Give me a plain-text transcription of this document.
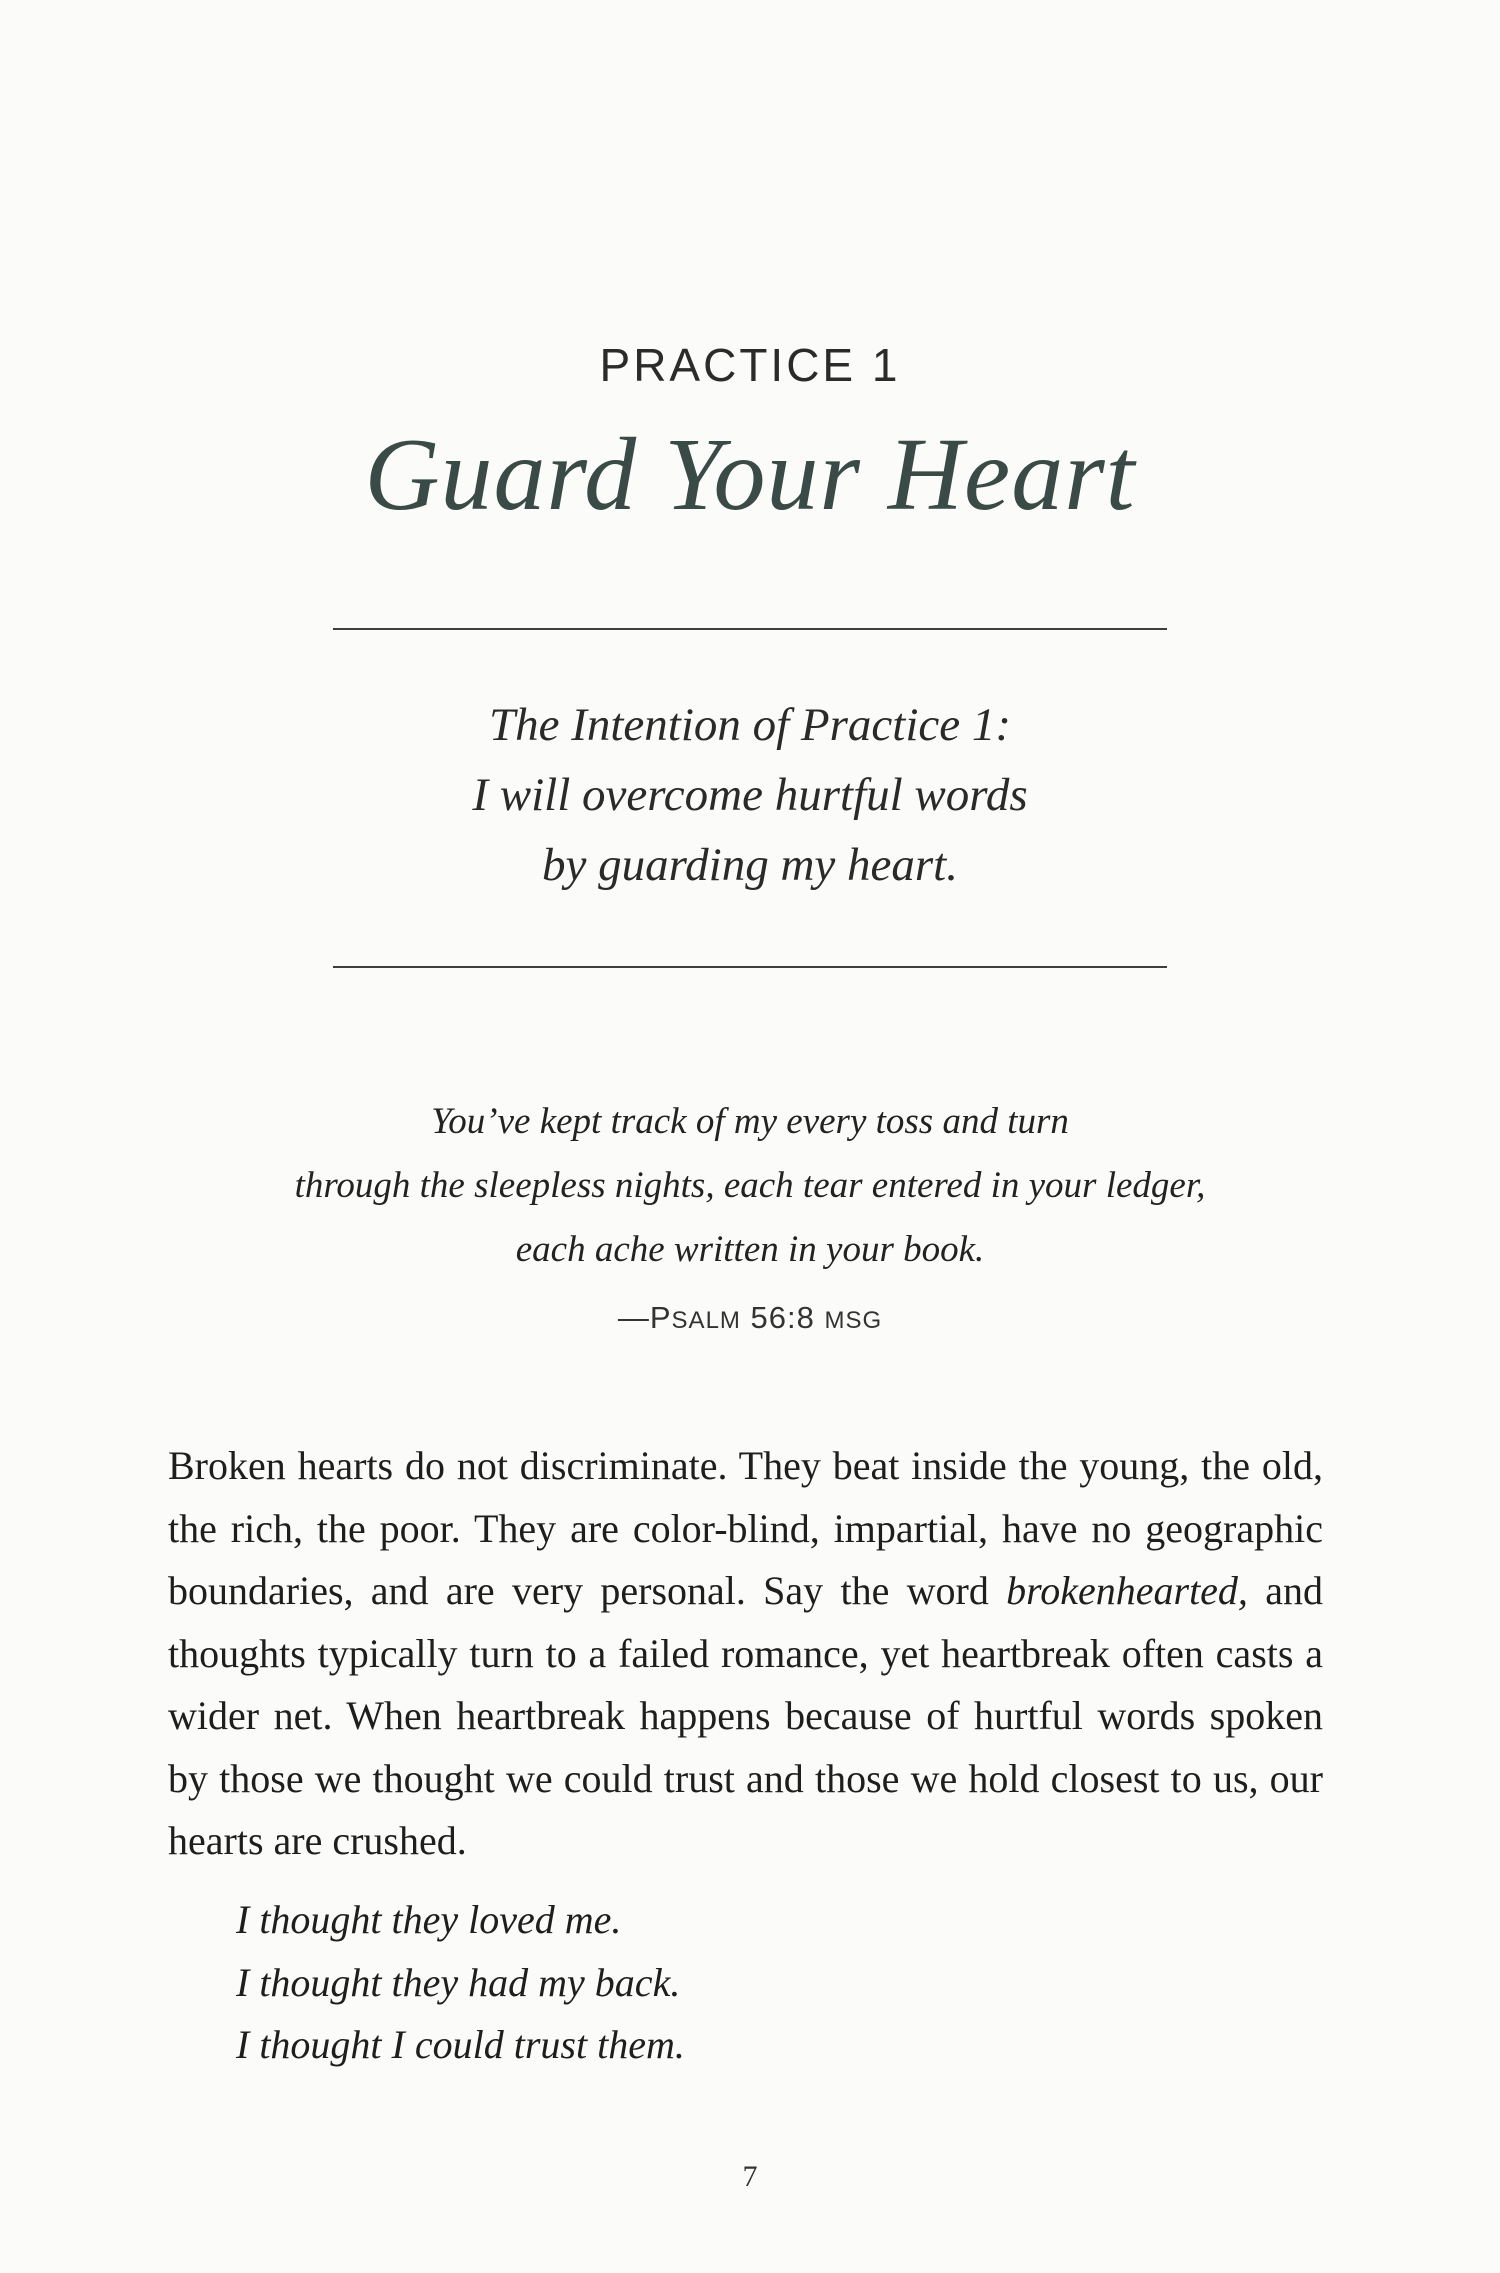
PRACTICE 1
Guard Your Heart
The Intention of Practice 1:
I will overcome hurtful words
by guarding my heart.
You’ve kept track of my every toss and turn
through the sleepless nights, each tear entered in your ledger,
each ache written in your book.
—PSALM 56:8 MSG

Broken hearts do not discriminate. They beat inside the young, the old, the rich, the poor. They are color-blind, impartial, have no geographic boundaries, and are very personal. Say the word brokenhearted, and thoughts typically turn to a failed romance, yet heartbreak often casts a wider net. When heartbreak happens because of hurtful words spoken by those we thought we could trust and those we hold closest to us, our hearts are crushed.

I thought they loved me.
I thought they had my back.
I thought I could trust them.
7
